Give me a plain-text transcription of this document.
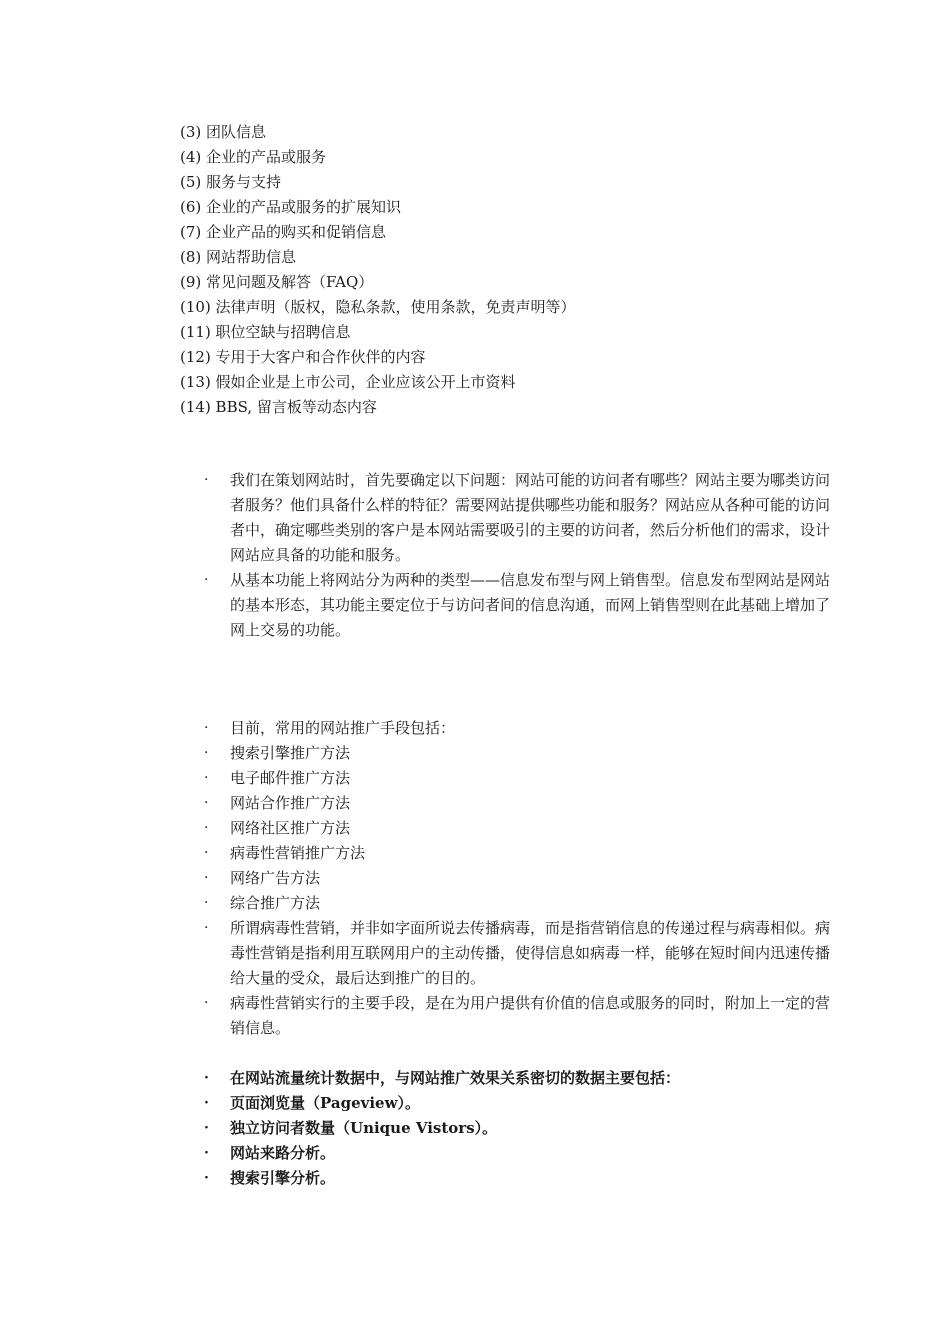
(3) 团队信息
(4) 企业的产品或服务
(5) 服务与支持
(6) 企业的产品或服务的扩展知识
(7) 企业产品的购买和促销信息
(8) 网站帮助信息
(9) 常见问题及解答（FAQ）
(10) 法律声明（版权，隐私条款，使用条款，免责声明等）
(11) 职位空缺与招聘信息
(12) 专用于大客户和合作伙伴的内容
(13) 假如企业是上市公司，企业应该公开上市资料
(14) BBS, 留言板等动态内容
·	我们在策划网站时，首先要确定以下问题：网站可能的访问者有哪些？网站主要为哪类访问者服务？他们具备什么样的特征？需要网站提供哪些功能和服务？网站应从各种可能的访问者中，确定哪些类别的客户是本网站需要吸引的主要的访问者，然后分析他们的需求，设计网站应具备的功能和服务。
·	从基本功能上将网站分为两种的类型——信息发布型与网上销售型。信息发布型网站是网站的基本形态，其功能主要定位于与访问者间的信息沟通，而网上销售型则在此基础上增加了网上交易的功能。
·	目前，常用的网站推广手段包括：
·	搜索引擎推广方法
·	电子邮件推广方法
·	网站合作推广方法
·	网络社区推广方法
·	病毒性营销推广方法
·	网络广告方法
·	综合推广方法
·	所谓病毒性营销，并非如字面所说去传播病毒，而是指营销信息的传递过程与病毒相似。病毒性营销是指利用互联网用户的主动传播，使得信息如病毒一样，能够在短时间内迅速传播给大量的受众，最后达到推广的目的。
·	病毒性营销实行的主要手段，是在为用户提供有价值的信息或服务的同时，附加上一定的营销信息。
·	在网站流量统计数据中，与网站推广效果关系密切的数据主要包括：
·	页面浏览量（Pageview）。
·	独立访问者数量（Unique Vistors）。
·	网站来路分析。
·	搜索引擎分析。
